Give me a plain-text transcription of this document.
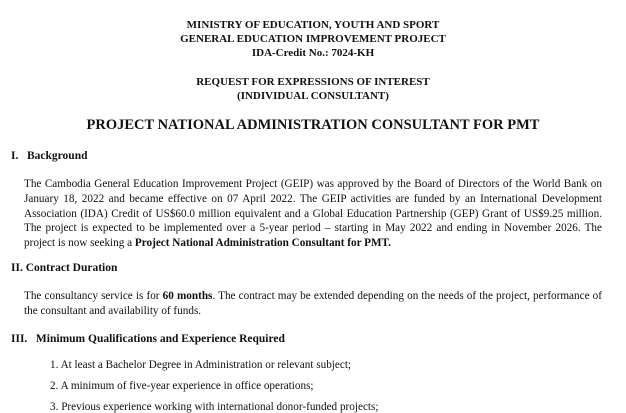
MINISTRY OF EDUCATION, YOUTH AND SPORT
GENERAL EDUCATION IMPROVEMENT PROJECT
IDA-Credit No.: 7024-KH
REQUEST FOR EXPRESSIONS OF INTEREST
(INDIVIDUAL CONSULTANT)
PROJECT NATIONAL ADMINISTRATION CONSULTANT FOR PMT
I.   Background
The Cambodia General Education Improvement Project (GEIP) was approved by the Board of Directors of the World Bank on January 18, 2022 and became effective on 07 April 2022. The GEIP activities are funded by an International Development Association (IDA) Credit of US$60.0 million equivalent and a Global Education Partnership (GEP) Grant of US$9.25 million. The project is expected to be implemented over a 5-year period – starting in May 2022 and ending in November 2026. The project is now seeking a Project National Administration Consultant for PMT.
II. Contract Duration
The consultancy service is for 60 months. The contract may be extended depending on the needs of the project, performance of the consultant and availability of funds.
III.   Minimum Qualifications and Experience Required
1. At least a Bachelor Degree in Administration or relevant subject;
2. A minimum of five-year experience in office operations;
3. Previous experience working with international donor-funded projects;
